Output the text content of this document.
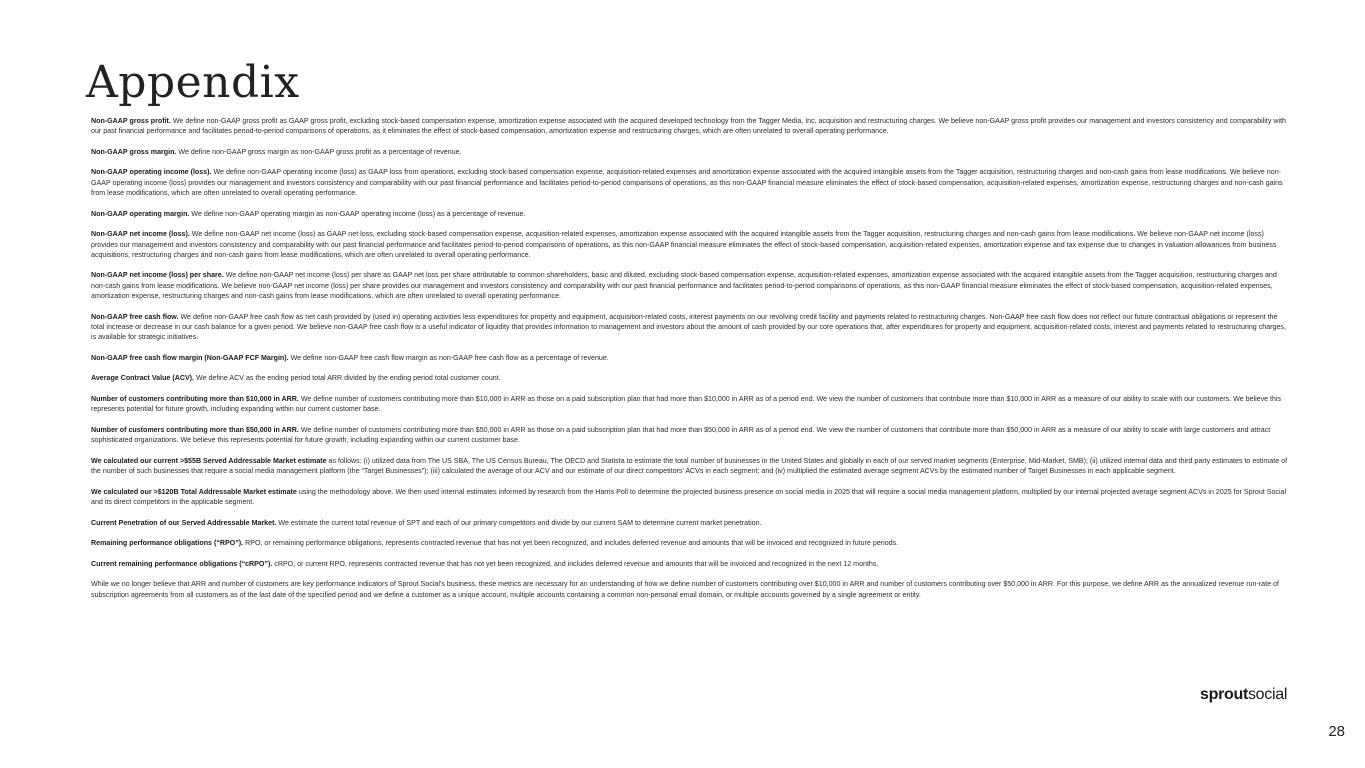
Appendix

Non-GAAP gross profit. We define non-GAAP gross profit as GAAP gross profit, excluding stock-based compensation expense, amortization expense associated with the acquired developed technology from the Tagger Media, Inc. acquisition and restructuring charges. We believe non-GAAP gross profit provides our management and investors consistency and comparability with our past financial performance and facilitates period-to-period comparisons of operations, as it eliminates the effect of stock-based compensation, amortization expense and restructuring charges, which are often unrelated to overall operating performance.

Non-GAAP gross margin. We define non-GAAP gross margin as non-GAAP gross profit as a percentage of revenue.

Non-GAAP operating income (loss). We define non-GAAP operating income (loss) as GAAP loss from operations, excluding stock-based compensation expense, acquisition-related expenses and amortization expense associated with the acquired intangible assets from the Tagger acquisition, restructuring charges and non-cash gains from lease modifications. We believe non-GAAP operating income (loss) provides our management and investors consistency and comparability with our past financial performance and facilitates period-to-period comparisons of operations, as this non-GAAP financial measure eliminates the effect of stock-based compensation, acquisition-related expenses, amortization expense, restructuring charges and non-cash gains from lease modifications, which are often unrelated to overall operating performance.

Non-GAAP operating margin. We define non-GAAP operating margin as non-GAAP operating income (loss) as a percentage of revenue.

Non-GAAP net income (loss). We define non-GAAP net income (loss) as GAAP net loss, excluding stock-based compensation expense, acquisition-related expenses, amortization expense associated with the acquired intangible assets from the Tagger acquisition, restructuring charges and non-cash gains from lease modifications. We believe non-GAAP net income (loss) provides our management and investors consistency and comparability with our past financial performance and facilitates period-to-period comparisons of operations, as this non-GAAP financial measure eliminates the effect of stock-based compensation, acquisition-related expenses, amortization expense and tax expense due to changes in valuation allowances from business acquisitions, restructuring charges and non-cash gains from lease modifications, which are often unrelated to overall operating performance.

Non-GAAP net income (loss) per share. We define non-GAAP net income (loss) per share as GAAP net loss per share attributable to common shareholders, basic and diluted, excluding stock-based compensation expense, acquisition-related expenses, amortization expense associated with the acquired intangible assets from the Tagger acquisition, restructuring charges and non-cash gains from lease modifications. We believe non-GAAP net income (loss) per share provides our management and investors consistency and comparability with our past financial performance and facilitates period-to-period comparisons of operations, as this non-GAAP financial measure eliminates the effect of stock-based compensation, acquisition-related expenses, amortization expense, restructuring charges and non-cash gains from lease modifications, which are often unrelated to overall operating performance.

Non-GAAP free cash flow. We define non-GAAP free cash flow as net cash provided by (used in) operating activities less expenditures for property and equipment, acquisition-related costs, interest payments on our revolving credit facility and payments related to restructuring charges. Non-GAAP free cash flow does not reflect our future contractual obligations or represent the total increase or decrease in our cash balance for a given period. We believe non-GAAP free cash flow is a useful indicator of liquidity that provides information to management and investors about the amount of cash provided by our core operations that, after expenditures for property and equipment, acquisition-related costs, interest and payments related to restructuring charges, is available for strategic initiatives.

Non-GAAP free cash flow margin (Non-GAAP FCF Margin). We define non-GAAP free cash flow margin as non-GAAP free cash flow as a percentage of revenue.

Average Contract Value (ACV). We define ACV as the ending period total ARR divided by the ending period total customer count.

Number of customers contributing more than $10,000 in ARR. We define number of customers contributing more than $10,000 in ARR as those on a paid subscription plan that had more than $10,000 in ARR as of a period end. We view the number of customers that contribute more than $10,000 in ARR as a measure of our ability to scale with our customers. We believe this represents potential for future growth, including expanding within our current customer base.

Number of customers contributing more than $50,000 in ARR. We define number of customers contributing more than $50,000 in ARR as those on a paid subscription plan that had more than $50,000 in ARR as of a period end. We view the number of customers that contribute more than $50,000 in ARR as a measure of our ability to scale with large customers and attract sophisticated organizations. We believe this represents potential for future growth, including expanding within our current customer base.

We calculated our current >$55B Served Addressable Market estimate as follows: (i) utilized data from The US SBA, The US Census Bureau, The OECD and Statista to estimate the total number of businesses in the United States and globally in each of our served market segments (Enterprise, Mid-Market, SMB); (ii) utilized internal data and third party estimates to estimate of the number of such businesses that require a social media management platform (the “Target Businesses”); (iii) calculated the average of our ACV and our estimate of our direct competitors’ ACVs in each segment; and (iv) multiplied the estimated average segment ACVs by the estimated number of Target Businesses in each applicable segment.

We calculated our >$120B Total Addressable Market estimate using the methodology above. We then used internal estimates informed by research from the Harris Poll to determine the projected business presence on social media in 2025 that will require a social media management platform, multiplied by our internal projected average segment ACVs in 2025 for Sprout Social and its direct competitors in the applicable segment.

Current Penetration of our Served Addressable Market. We estimate the current total revenue of SPT and each of our primary competitors and divide by our current SAM to determine current market penetration.

Remaining performance obligations (“RPO”). RPO, or remaining performance obligations, represents contracted revenue that has not yet been recognized, and includes deferred revenue and amounts that will be invoiced and recognized in future periods.

Current remaining performance obligations (“cRPO”). cRPO, or current RPO, represents contracted revenue that has not yet been recognized, and includes deferred revenue and amounts that will be invoiced and recognized in the next 12 months.

While we no longer believe that ARR and number of customers are key performance indicators of Sprout Social’s business, these metrics are necessary for an understanding of how we define number of customers contributing over $10,000 in ARR and number of customers contributing over $50,000 in ARR. For this purpose, we define ARR as the annualized revenue run-rate of subscription agreements from all customers as of the last date of the specified period and we define a customer as a unique account, multiple accounts containing a common non-personal email domain, or multiple accounts governed by a single agreement or entity.

sproutsocial
28
